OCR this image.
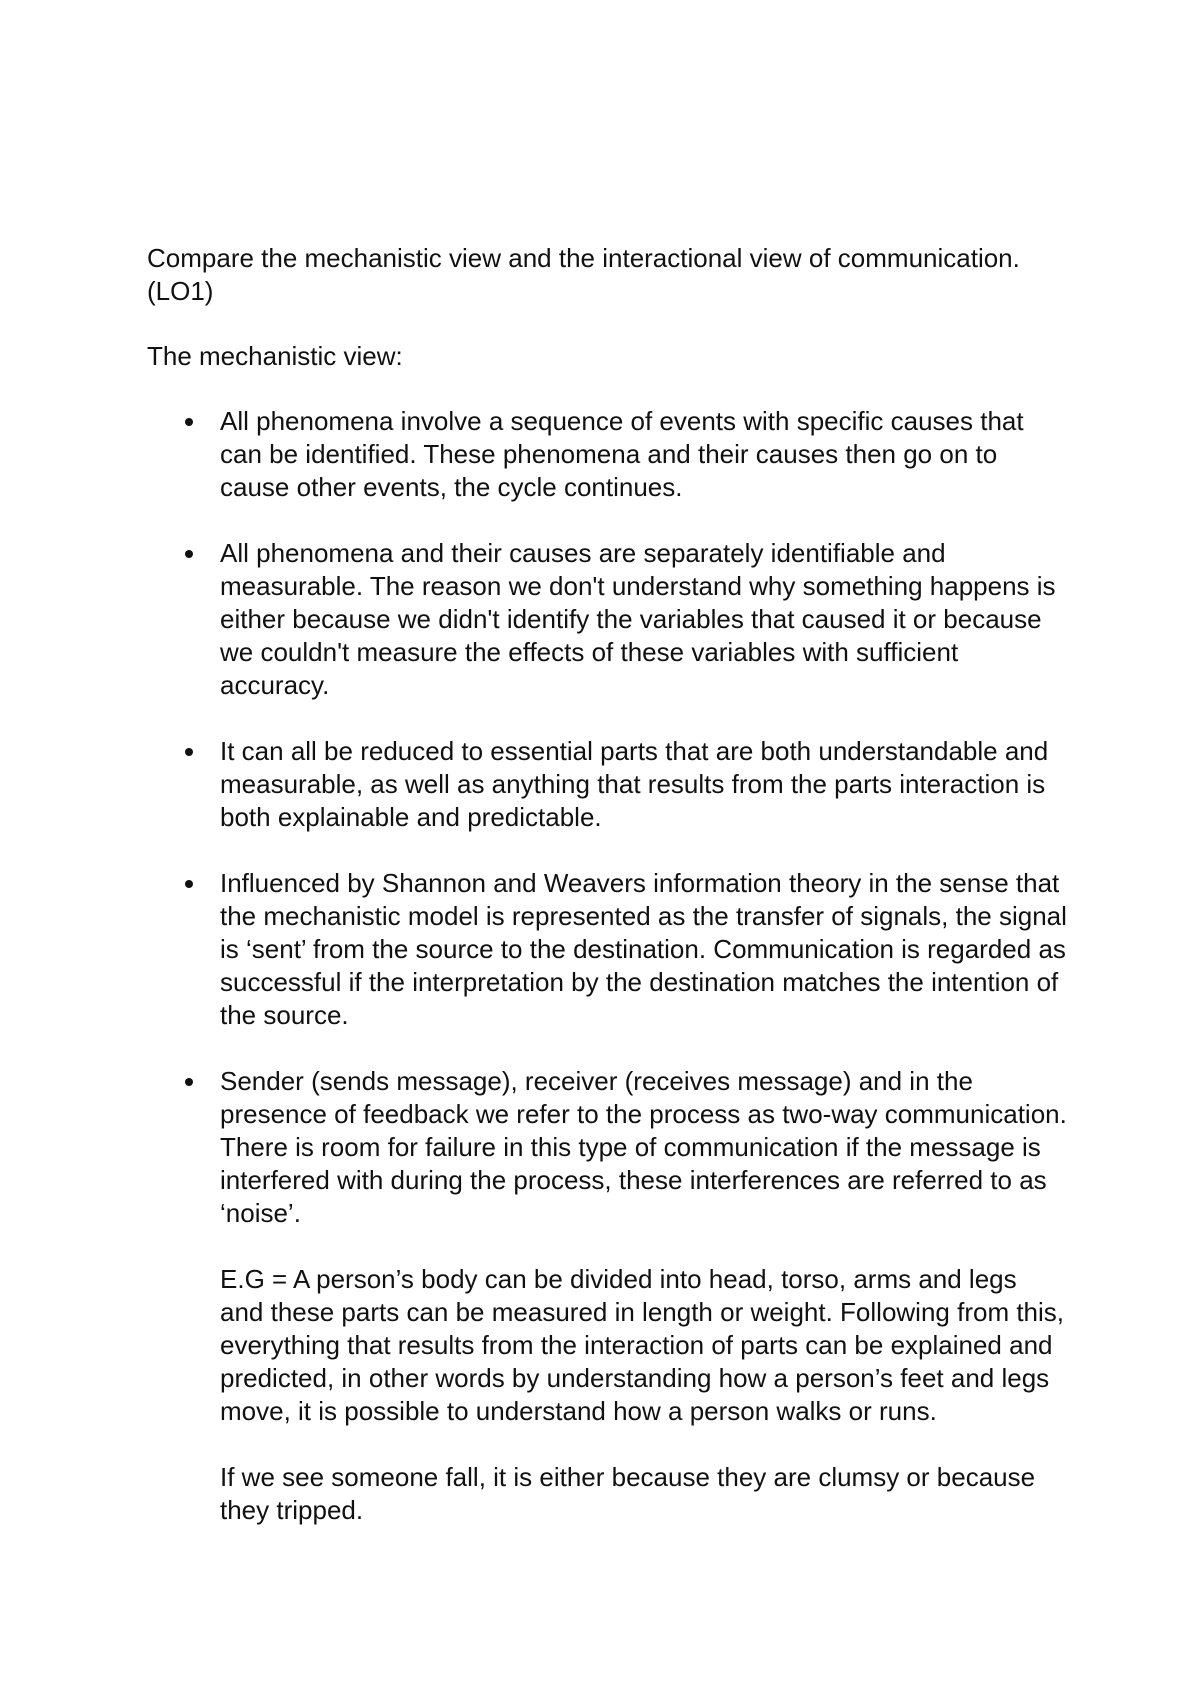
Compare the mechanistic view and the interactional view of communication. (LO1)

The mechanistic view:

All phenomena involve a sequence of events with specific causes that can be identified. These phenomena and their causes then go on to cause other events, the cycle continues.
All phenomena and their causes are separately identifiable and measurable. The reason we don't understand why something happens is either because we didn't identify the variables that caused it or because we couldn't measure the effects of these variables with sufficient accuracy.
It can all be reduced to essential parts that are both understandable and measurable, as well as anything that results from the parts interaction is both explainable and predictable.
Influenced by Shannon and Weavers information theory in the sense that the mechanistic model is represented as the transfer of signals, the signal is ‘sent’ from the source to the destination. Communication is regarded as successful if the interpretation by the destination matches the intention of the source.
Sender (sends message), receiver (receives message) and in the presence of feedback we refer to the process as two-way communication. There is room for failure in this type of communication if the message is interfered with during the process, these interferences are referred to as ‘noise’.

E.G = A person’s body can be divided into head, torso, arms and legs and these parts can be measured in length or weight. Following from this, everything that results from the interaction of parts can be explained and predicted, in other words by understanding how a person’s feet and legs move, it is possible to understand how a person walks or runs.

If we see someone fall, it is either because they are clumsy or because they tripped.
